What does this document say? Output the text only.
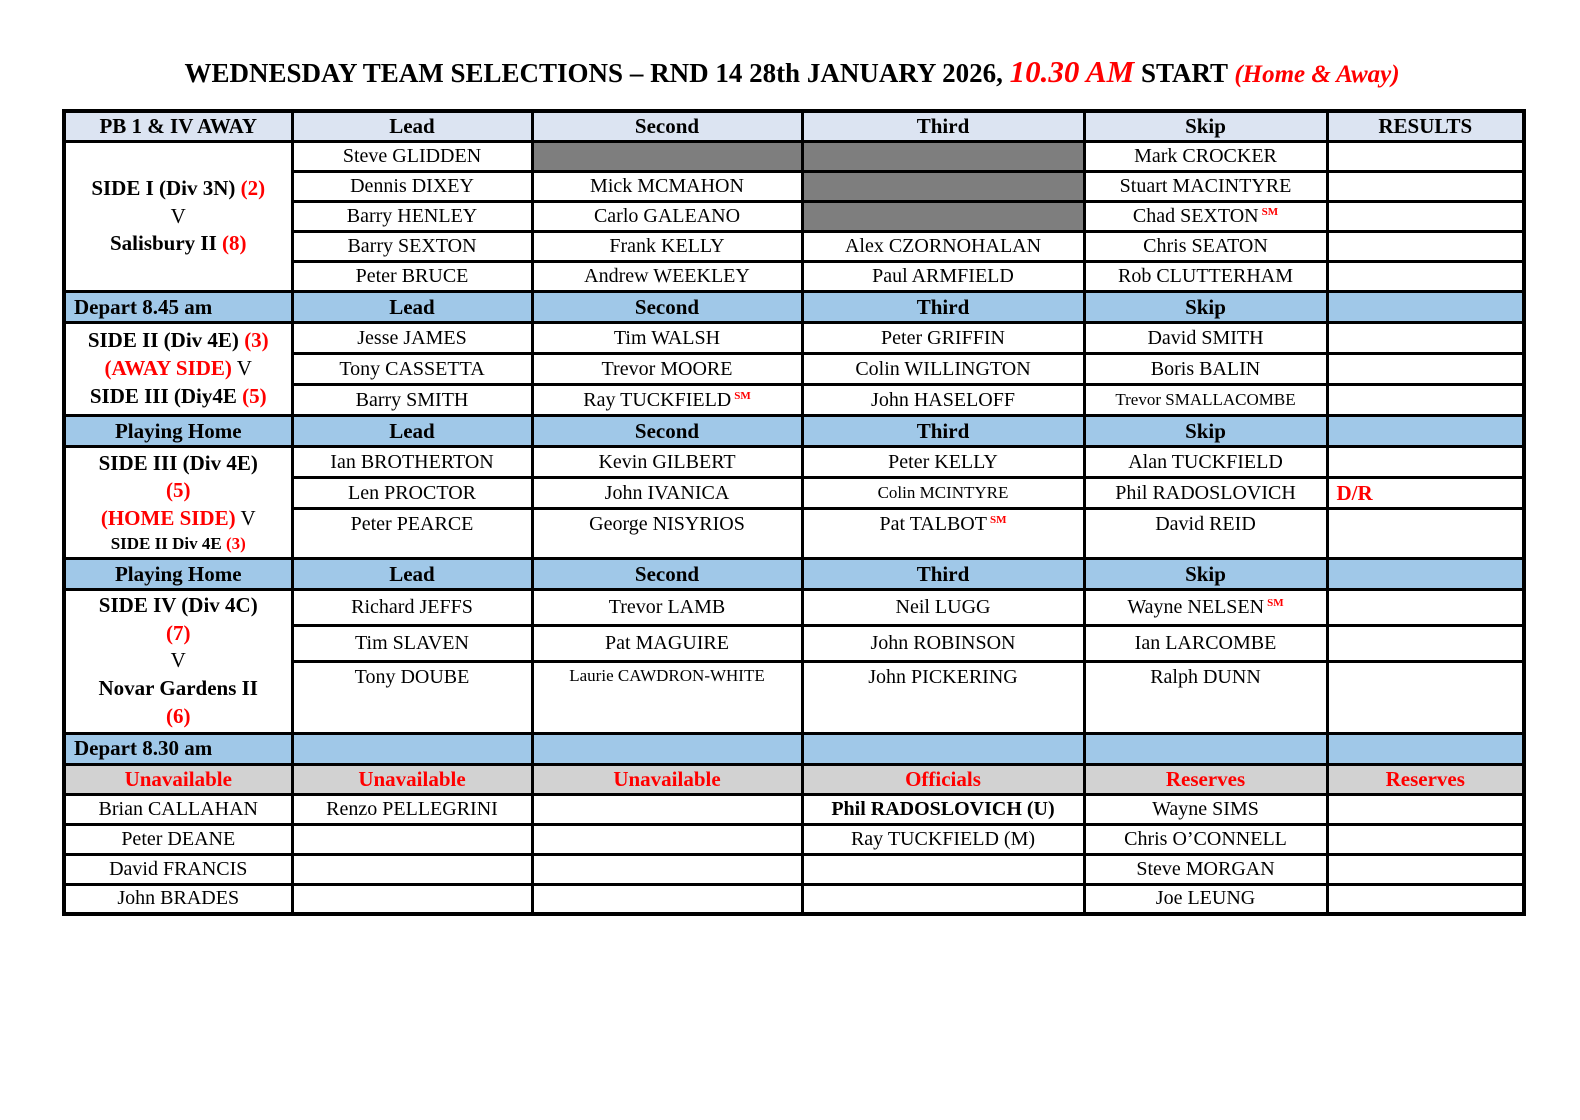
WEDNESDAY TEAM SELECTIONS – RND 14 28th JANUARY 2026, 10.30 AM START (Home & Away)
PB 1 & IV AWAY	Lead	Second	Third	Skip	RESULTS

SIDE I (Div 3N) (2)
V
Salisbury II (8)	Steve GLIDDEN			Mark CROCKER	
	Dennis DIXEY	Mick MCMAHON		Stuart MACINTYRE	
	Barry HENLEY	Carlo GALEANO		Chad SEXTON ℠	
	Barry SEXTON	Frank KELLY	Alex CZORNOHALAN	Chris SEATON	
	Peter BRUCE	Andrew WEEKLEY	Paul ARMFIELD	Rob CLUTTERHAM	
Depart 8.45 am	Lead	Second	Third	Skip	

SIDE II (Div 4E) (3)
(AWAY SIDE) V
SIDE III (Diy4E (5)	Jesse JAMES	Tim WALSH	Peter GRIFFIN	David SMITH	
	Tony CASSETTA	Trevor MOORE	Colin WILLINGTON	Boris BALIN	
	Barry SMITH	Ray TUCKFIELD ℠	John HASELOFF	Trevor SMALLACOMBE	
Playing Home	Lead	Second	Third	Skip	

SIDE III (Div 4E)
(5)
(HOME SIDE) V
SIDE II Div 4E (3)	Ian BROTHERTON	Kevin GILBERT	Peter KELLY	Alan TUCKFIELD	
	Len PROCTOR	John IVANICA	Colin MCINTYRE	Phil RADOSLOVICH	D/R
	Peter PEARCE	George NISYRIOS	Pat TALBOT ℠	David REID	
Playing Home	Lead	Second	Third	Skip	

SIDE IV (Div 4C)
(7)
V
Novar Gardens II
(6)	Richard JEFFS	Trevor LAMB	Neil LUGG	Wayne NELSEN ℠	
	Tim SLAVEN	Pat MAGUIRE	John ROBINSON	Ian LARCOMBE	
	Tony DOUBE	Laurie CAWDRON-WHITE	John PICKERING	Ralph DUNN	
Depart 8.30 am					
Unavailable	Unavailable	Unavailable	Officials	Reserves	Reserves
Brian CALLAHAN	Renzo PELLEGRINI		Phil RADOSLOVICH (U)	Wayne SIMS	
Peter DEANE			Ray TUCKFIELD (M)	Chris O’CONNELL	
David FRANCIS				Steve MORGAN	
John BRADES				Joe LEUNG	
